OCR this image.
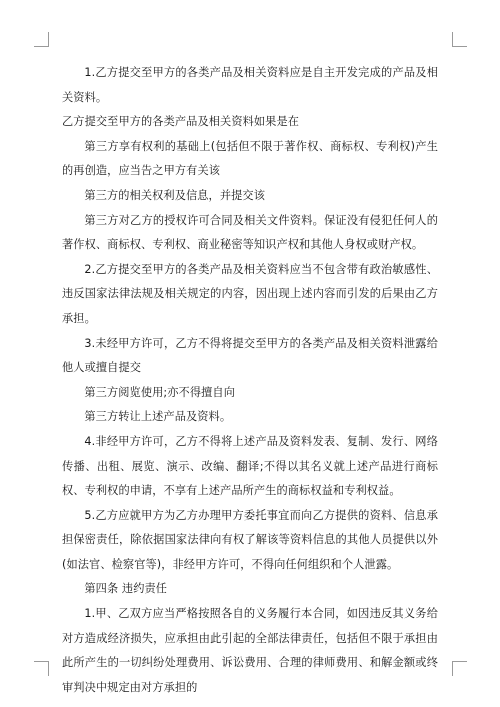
1.乙方提交至甲方的各类产品及相关资料应是自主开发完成的产品及相关资料。

乙方提交至甲方的各类产品及相关资料如果是在

第三方享有权利的基础上(包括但不限于著作权、商标权、专利权)产生的再创造，应当告之甲方有关该

第三方的相关权利及信息，并提交该

第三方对乙方的授权许可合同及相关文件资料。保证没有侵犯任何人的著作权、商标权、专利权、商业秘密等知识产权和其他人身权或财产权。

2.乙方提交至甲方的各类产品及相关资料应当不包含带有政治敏感性、违反国家法律法规及相关规定的内容，因出现上述内容而引发的后果由乙方承担。

3.未经甲方许可，乙方不得将提交至甲方的各类产品及相关资料泄露给他人或擅自提交

第三方阅览使用;亦不得擅自向

第三方转让上述产品及资料。

4.非经甲方许可，乙方不得将上述产品及资料发表、复制、发行、网络传播、出租、展览、演示、改编、翻译;不得以其名义就上述产品进行商标权、专利权的申请，不享有上述产品所产生的商标权益和专利权益。

5.乙方应就甲方为乙方办理甲方委托事宜而向乙方提供的资料、信息承担保密责任，除依据国家法律向有权了解该等资料信息的其他人员提供以外(如法官、检察官等)，非经甲方许可，不得向任何组织和个人泄露。

第四条 违约责任

1.甲、乙双方应当严格按照各自的义务履行本合同，如因违反其义务给对方造成经济损失，应承担由此引起的全部法律责任，包括但不限于承担由此所产生的一切纠纷处理费用、诉讼费用、合理的律师费用、和解金额或终审判决中规定由对方承担的
